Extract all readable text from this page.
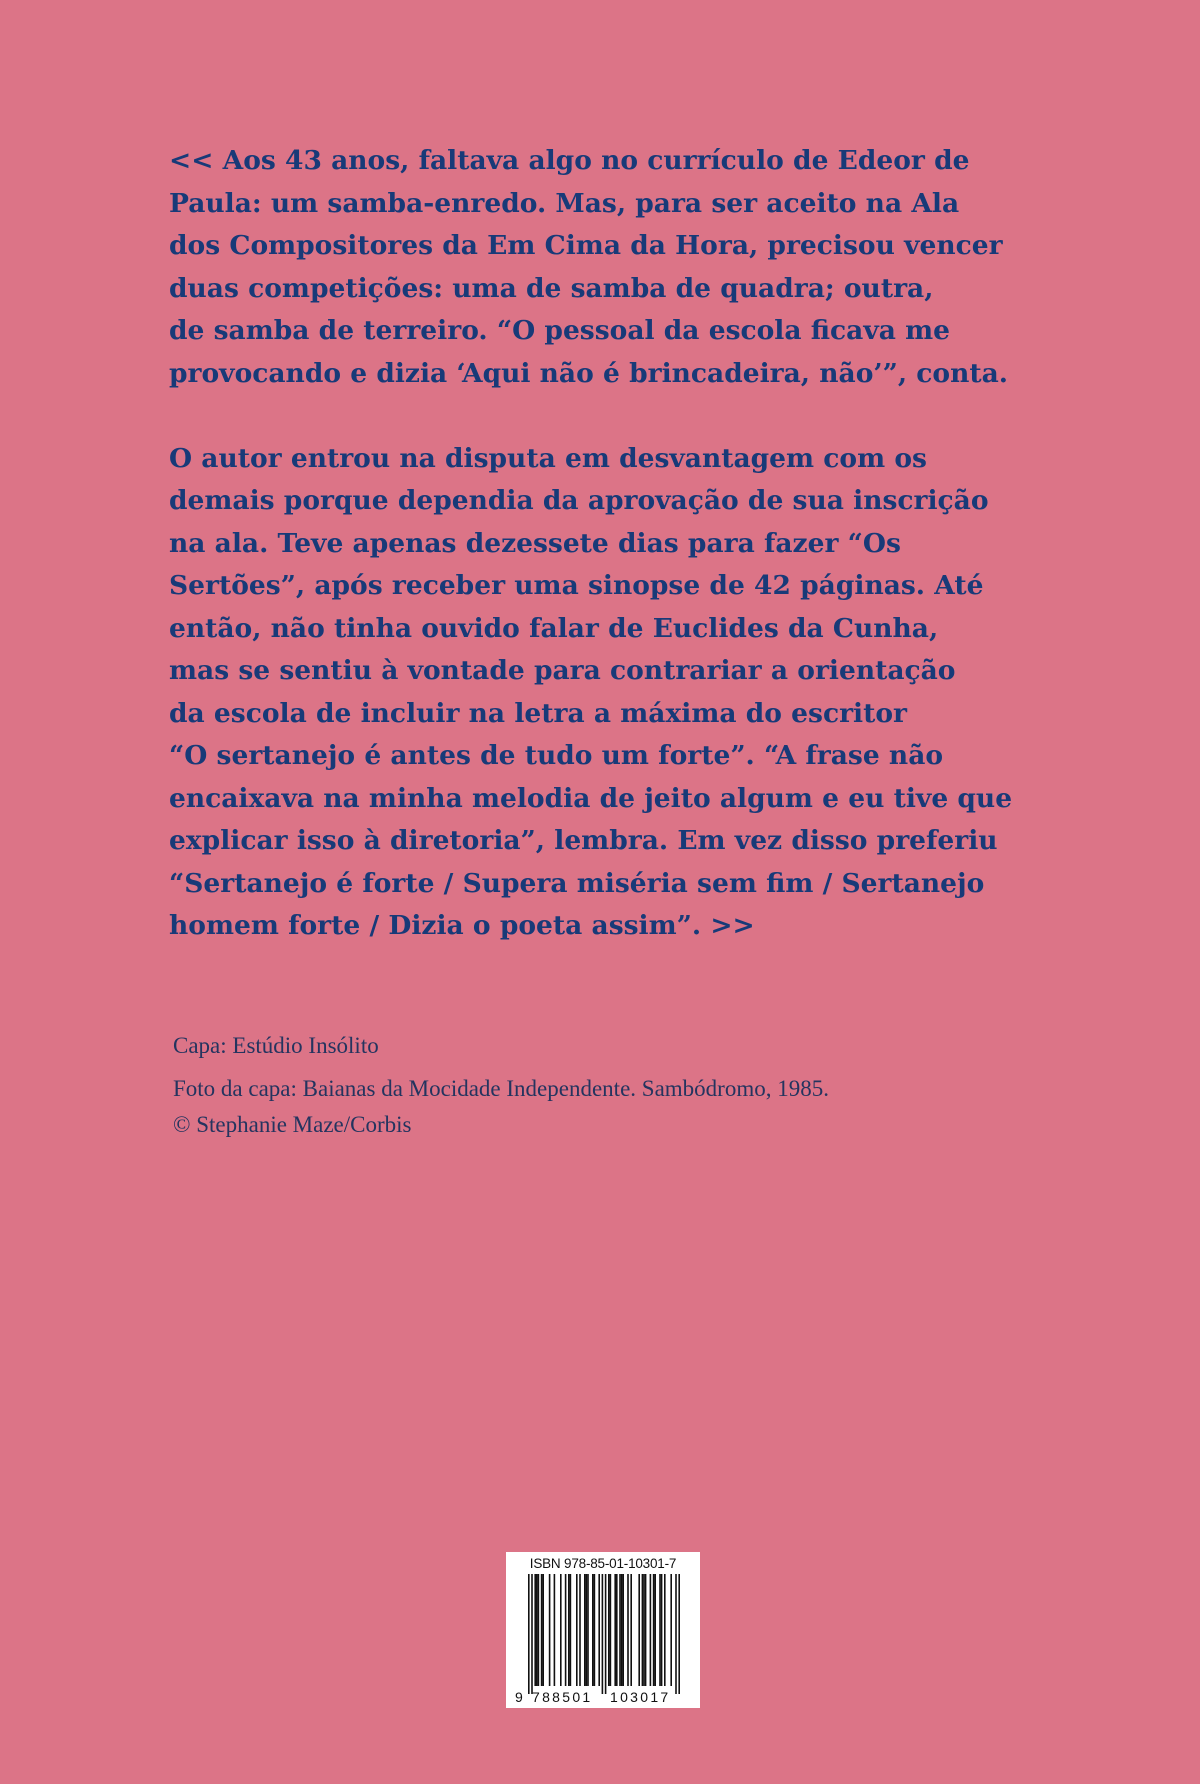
<< Aos 43 anos, faltava algo no currículo de Edeor de

Paula: um samba-enredo. Mas, para ser aceito na Ala

dos Compositores da Em Cima da Hora, precisou vencer

duas competições: uma de samba de quadra; outra,

de samba de terreiro. “O pessoal da escola ficava me

provocando e dizia ‘Aqui não é brincadeira, não’”, conta.

O autor entrou na disputa em desvantagem com os

demais porque dependia da aprovação de sua inscrição

na ala. Teve apenas dezessete dias para fazer “Os

Sertões”, após receber uma sinopse de 42 páginas. Até

então, não tinha ouvido falar de Euclides da Cunha,

mas se sentiu à vontade para contrariar a orientação

da escola de incluir na letra a máxima do escritor

“O sertanejo é antes de tudo um forte”. “A frase não

encaixava na minha melodia de jeito algum e eu tive que

explicar isso à diretoria”, lembra. Em vez disso preferiu

“Sertanejo é forte / Supera miséria sem fim / Sertanejo

homem forte / Dizia o poeta assim”. >>

Capa: Estúdio Insólito
Foto da capa: Baianas da Mocidade Independente. Sambódromo, 1985.
© Stephanie Maze/Corbis
ISBN 978-85-01-10301-7
9 788501 103017
